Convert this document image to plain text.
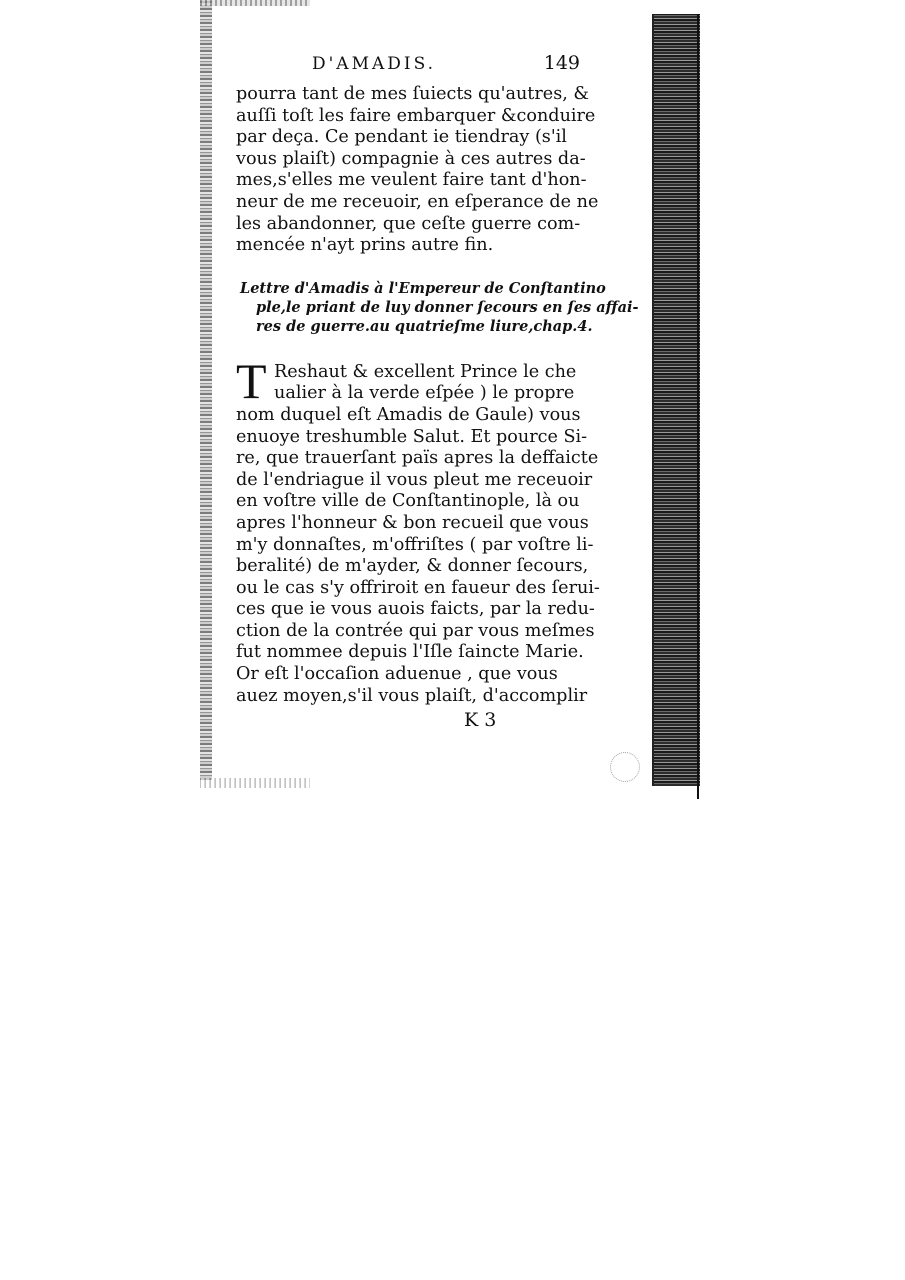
D'AMADIS.	149

pourra tant de mes ſuiects qu'autres, &
auſſi toſt les faire embarquer &conduire
par deça. Ce pendant ie tiendray (s'il
vous plaiſt) compagnie à ces autres da-
mes,s'elles me veulent faire tant d'hon-
neur de me receuoir, en eſperance de ne
les abandonner, que ceſte guerre com-
mencée n'ayt prins autre fin.

Lettre d'Amadis à l'Empereur de Conſtantino
ple,le priant de luy donner ſecours en ſes affai-
res de guerre.au quatrieſme liure,chap.4.
T Reshaut & excellent Prince le che
ualier à la verde eſpée ) le propre
nom duquel eſt Amadis de Gaule) vous
enuoye treshumble Salut. Et pource Si-
re, que trauerſant païs apres la deffaicte
de l'endriague il vous pleut me receuoir
en voſtre ville de Conſtantinople, là ou
apres l'honneur & bon recueil que vous
m'y donnaſtes, m'offriſtes ( par voſtre li-
beralité) de m'ayder, & donner ſecours,
ou le cas s'y offriroit en faueur des ſerui-
ces que ie vous auois faicts, par la redu-
ction de la contrée qui par vous meſmes
fut nommee depuis l'Iſle ſaincte Marie.
Or eſt l'occaſion aduenue , que vous
auez moyen,s'il vous plaiſt, d'accomplir
K 3
